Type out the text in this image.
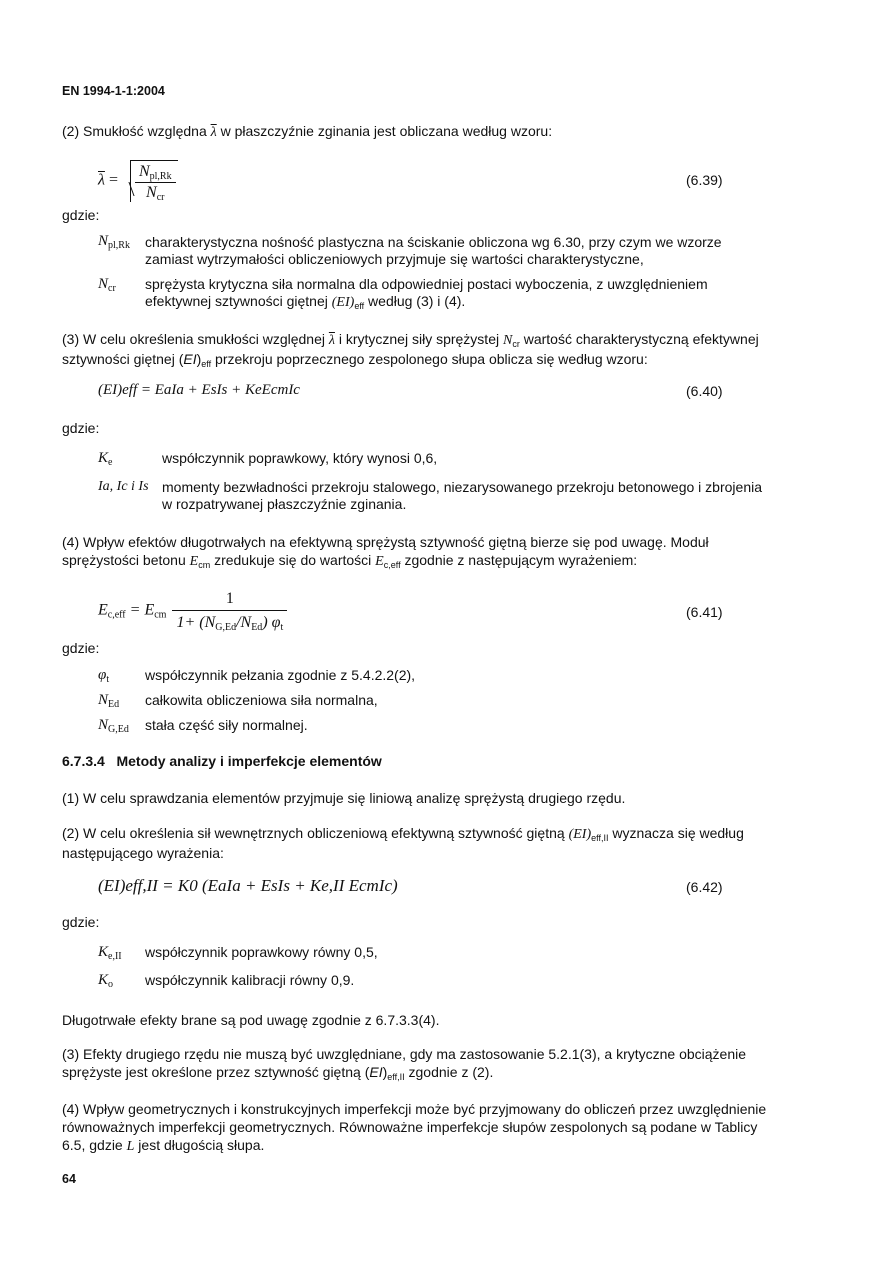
EN 1994-1-1:2004
(2) Smukłość względna $\overline{\lambda}$ w płaszczyźnie zginania jest obliczana według wzoru:
$\overline{\lambda} = \frac{N_{pl,Rk}}{N_{cr}}$	(6.39)
gdzie:
$N_{pl,Rk}$ charakterystyczna nośność plastyczna na ściskanie obliczona wg 6.30, przy czym we wzorze zamiast wytrzymałości obliczeniowych przyjmuje się wartości charakterystyczne,
$N_{cr}$ sprężysta krytyczna siła normalna dla odpowiedniej postaci wyboczenia, z uwzględnieniem efektywnej sztywności giętnej $(EI)_{eff}$ według (3) i (4).
(3) W celu określenia smukłości względnej $\overline{\lambda}$ i krytycznej siły sprężystej $N_{cr}$ wartość charakterystyczną efektywnej sztywności giętnej $(EI)_{eff}$ przekroju poprzecznego zespolonego słupa oblicza się według wzoru:
(EI)eff = EaIa + EsIs + KeEcmIc	(6.40)
gdzie:
$K_e$	współczynnik poprawkowy, który wynosi 0,6,
Ia, Ic i Is momenty bezwładności przekroju stalowego, niezarysowanego przekroju betonowego i zbrojenia w rozpatrywanej płaszczyźnie zginania.
(4) Wpływ efektów długotrwałych na efektywną sprężystą sztywność giętną bierze się pod uwagę. Moduł sprężystości betonu $E_{cm}$ zredukuje się do wartości $E_{c,eff}$ zgodnie z następującym wyrażeniem:
$E_{c,eff} = E_{cm} \frac{1}{1+ (N_{G,Ed}/N_{Ed}) \varphi_t}$	(6.41)
gdzie:
$\varphi_t$	współczynnik pełzania zgodnie z 5.4.2.2(2),
$N_{Ed}$ całkowita obliczeniowa siła normalna,
$N_{G,Ed}$ stała część siły normalnej.
6.7.3.4   Metody analizy i imperfekcje elementów
(1) W celu sprawdzania elementów przyjmuje się liniową analizę sprężystą drugiego rzędu.
(2) W celu określenia sił wewnętrznych obliczeniową efektywną sztywność giętną $(EI)_{eff,II}$ wyznacza się według następującego wyrażenia:
(EI)eff,II = K0 (EaIa + EsIs + Ke,II EcmIc)	(6.42)
gdzie:
$K_{e,II}$ współczynnik poprawkowy równy 0,5,
$K_o$ współczynnik kalibracji równy 0,9.
Długotrwałe efekty brane są pod uwagę zgodnie z 6.7.3.3(4).
(3) Efekty drugiego rzędu nie muszą być uwzględniane, gdy ma zastosowanie 5.2.1(3), a krytyczne obciążenie sprężyste jest określone przez sztywność giętną $(EI)_{eff,II}$ zgodnie z (2).
(4) Wpływ geometrycznych i konstrukcyjnych imperfekcji może być przyjmowany do obliczeń przez uwzględnienie równoważnych imperfekcji geometrycznych. Równoważne imperfekcje słupów zespolonych są podane w Tablicy 6.5, gdzie L jest długością słupa.
64
